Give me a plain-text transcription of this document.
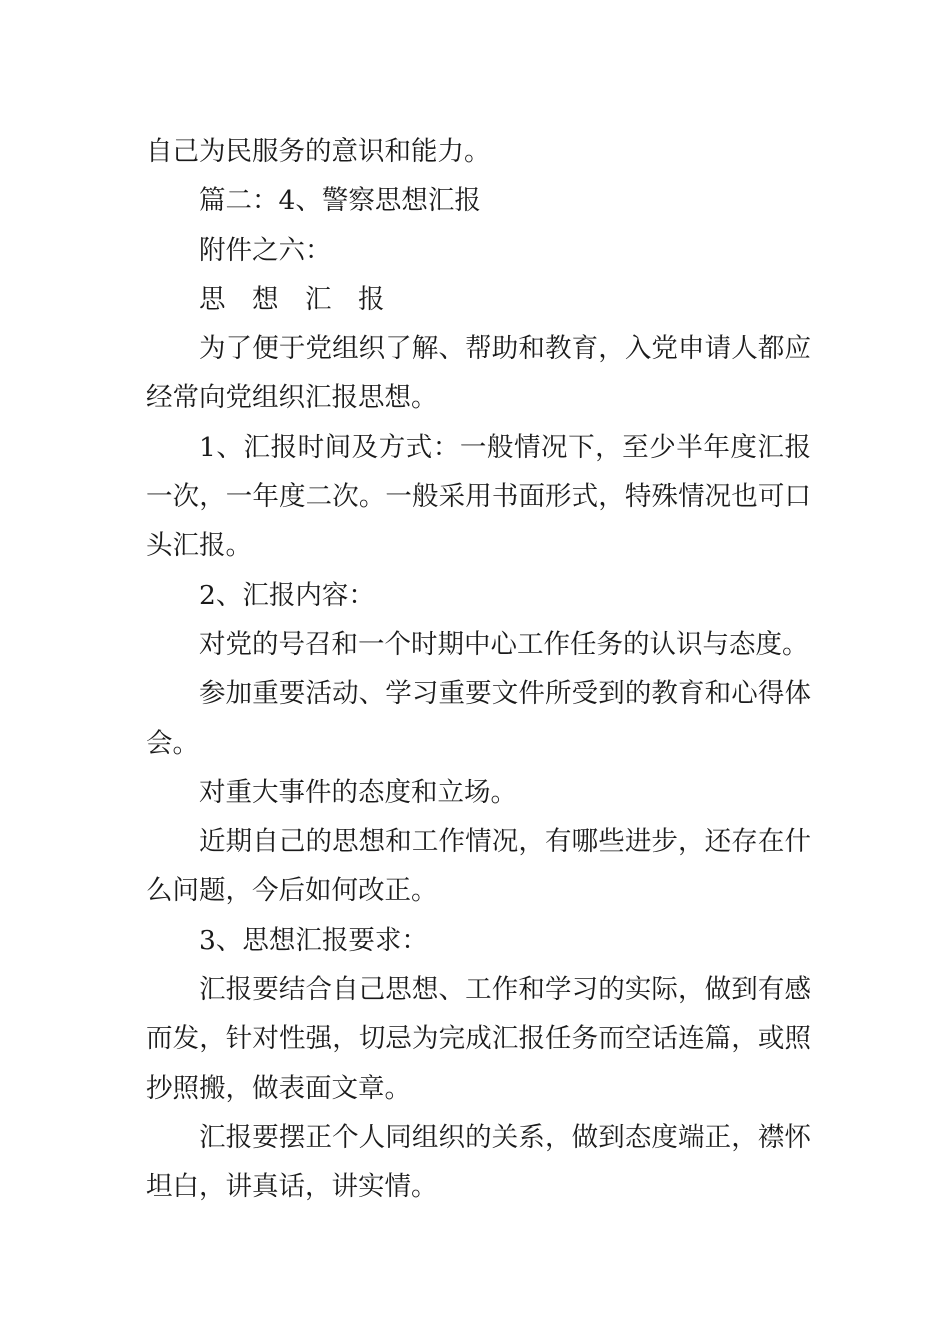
自己为民服务的意识和能力。

篇二：4、警察思想汇报

附件之六：

思　想　汇　报

为了便于党组织了解、帮助和教育，入党申请人都应经常向党组织汇报思想。

1、汇报时间及方式：一般情况下，至少半年度汇报一次，一年度二次。一般采用书面形式，特殊情况也可口头汇报。

2、汇报内容：

对党的号召和一个时期中心工作任务的认识与态度。

参加重要活动、学习重要文件所受到的教育和心得体会。

对重大事件的态度和立场。

近期自己的思想和工作情况，有哪些进步，还存在什么问题，今后如何改正。

3、思想汇报要求：

汇报要结合自己思想、工作和学习的实际，做到有感而发，针对性强，切忌为完成汇报任务而空话连篇，或照抄照搬，做表面文章。

汇报要摆正个人同组织的关系，做到态度端正，襟怀坦白，讲真话，讲实情。
